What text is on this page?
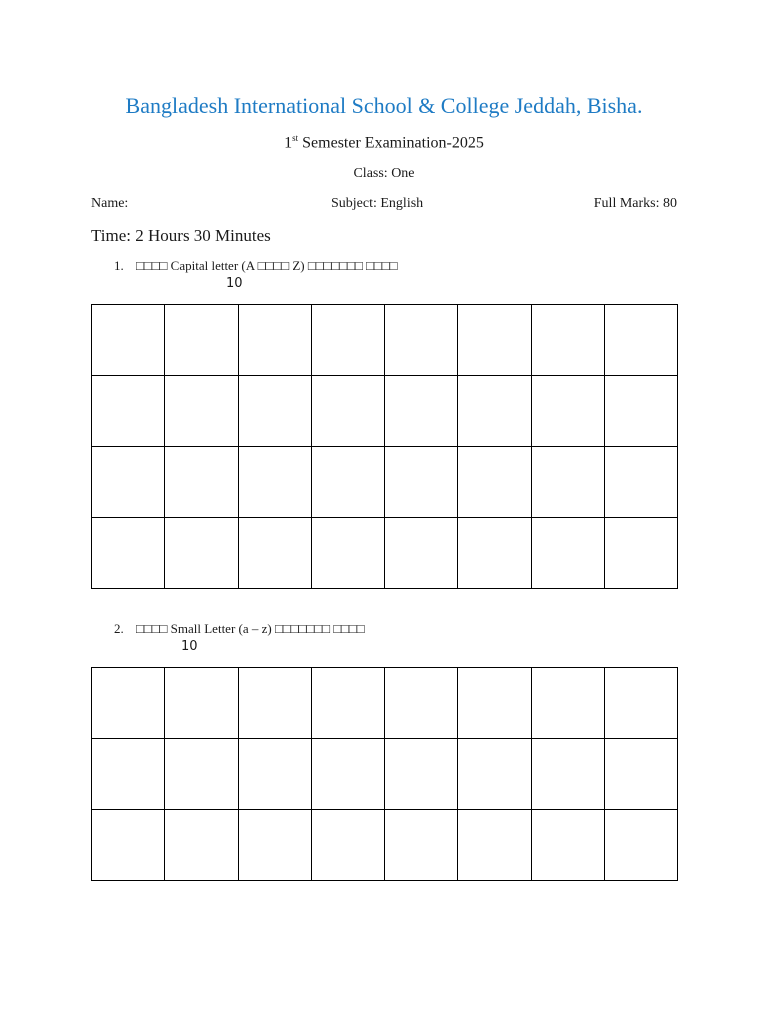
Bangladesh International School & College Jeddah, Bisha.
1st Semester Examination-2025
Class: One
Name:	Subject: English	Full Marks: 80
Time: 2 Hours 30 Minutes
1. □□□□ Capital letter (A □□□□ Z) □□□□□□□ □□□□
10

2. □□□□ Small Letter (a – z) □□□□□□□ □□□□
10
